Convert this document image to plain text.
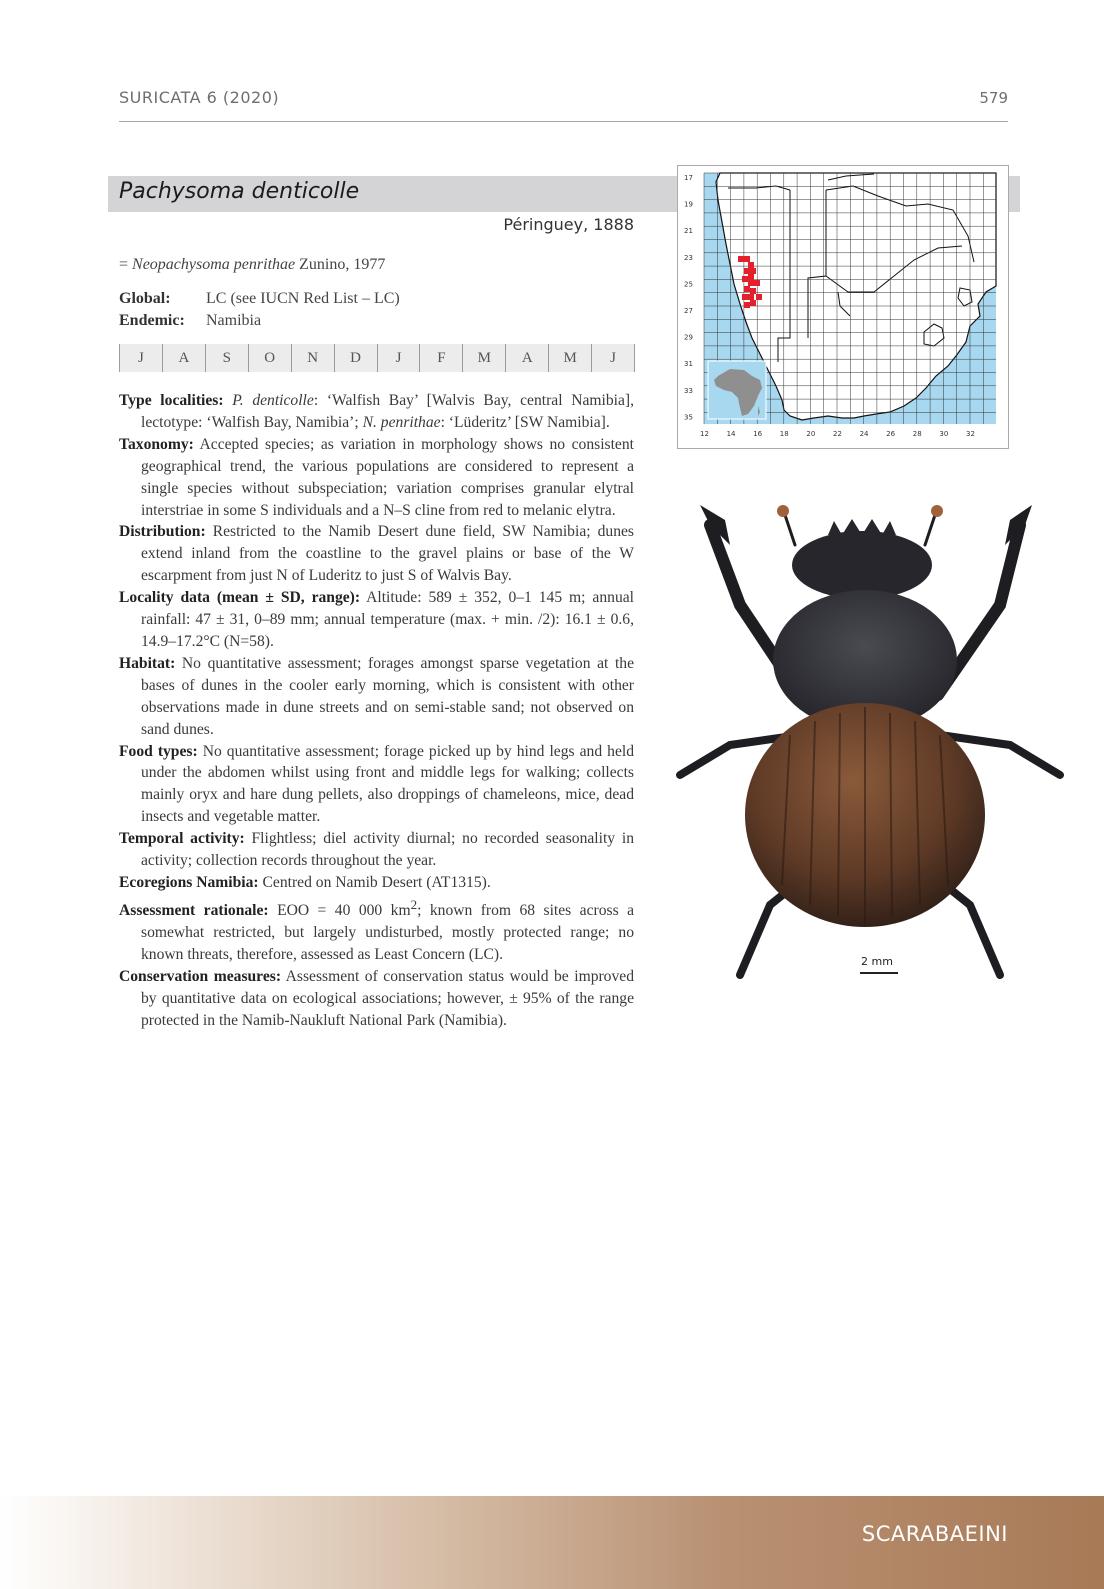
SURICATA 6 (2020)	579
Pachysoma denticolle
Péringuey, 1888
= Neopachysoma penrithae Zunino, 1977
Global: LC (see IUCN Red List – LC)
Endemic: Namibia
J	A	S	O	N	D	J	F	M	A	M	J

Type localities: P. denticolle: ‘Walfish Bay’ [Walvis Bay, central Namibia], lectotype: ‘Walfish Bay, Namibia’; N. penrithae: ‘Lüderitz’ [SW Namibia].

Taxonomy: Accepted species; as variation in morphology shows no consistent geographical trend, the various populations are considered to represent a single species without subspeciation; variation comprises granular elytral interstriae in some S individuals and a N–S cline from red to melanic elytra.

Distribution: Restricted to the Namib Desert dune field, SW Namibia; dunes extend inland from the coastline to the gravel plains or base of the W escarpment from just N of Luderitz to just S of Walvis Bay.

Locality data (mean ± SD, range): Altitude: 589 ± 352, 0–1 145 m; annual rainfall: 47 ± 31, 0–89 mm; annual temperature (max. + min. /2): 16.1 ± 0.6, 14.9–17.2°C (N=58).

Habitat: No quantitative assessment; forages amongst sparse vegetation at the bases of dunes in the cooler early morning, which is consistent with other observations made in dune streets and on semi-stable sand; not observed on sand dunes.

Food types: No quantitative assessment; forage picked up by hind legs and held under the abdomen whilst using front and middle legs for walking; collects mainly oryx and hare dung pellets, also droppings of chameleons, mice, dead insects and vegetable matter.

Temporal activity: Flightless; diel activity diurnal; no recorded seasonality in activity; collection records throughout the year.

Ecoregions Namibia: Centred on Namib Desert (AT1315).

Assessment rationale: EOO = 40 000 $km^2$; known from 68 sites across a somewhat restricted, but largely undisturbed, mostly protected range; no known threats, therefore, assessed as Least Concern (LC).

Conservation measures: Assessment of conservation status would be improved by quantitative data on ecological associations; however, ± 95% of the range protected in the Namib-Naukluft National Park (Namibia).

17
19
21
23
25
27
29
31
33
35
12	14	16	18	20	22	24	26	28	30	32
2 mm
SCARABAEINI
